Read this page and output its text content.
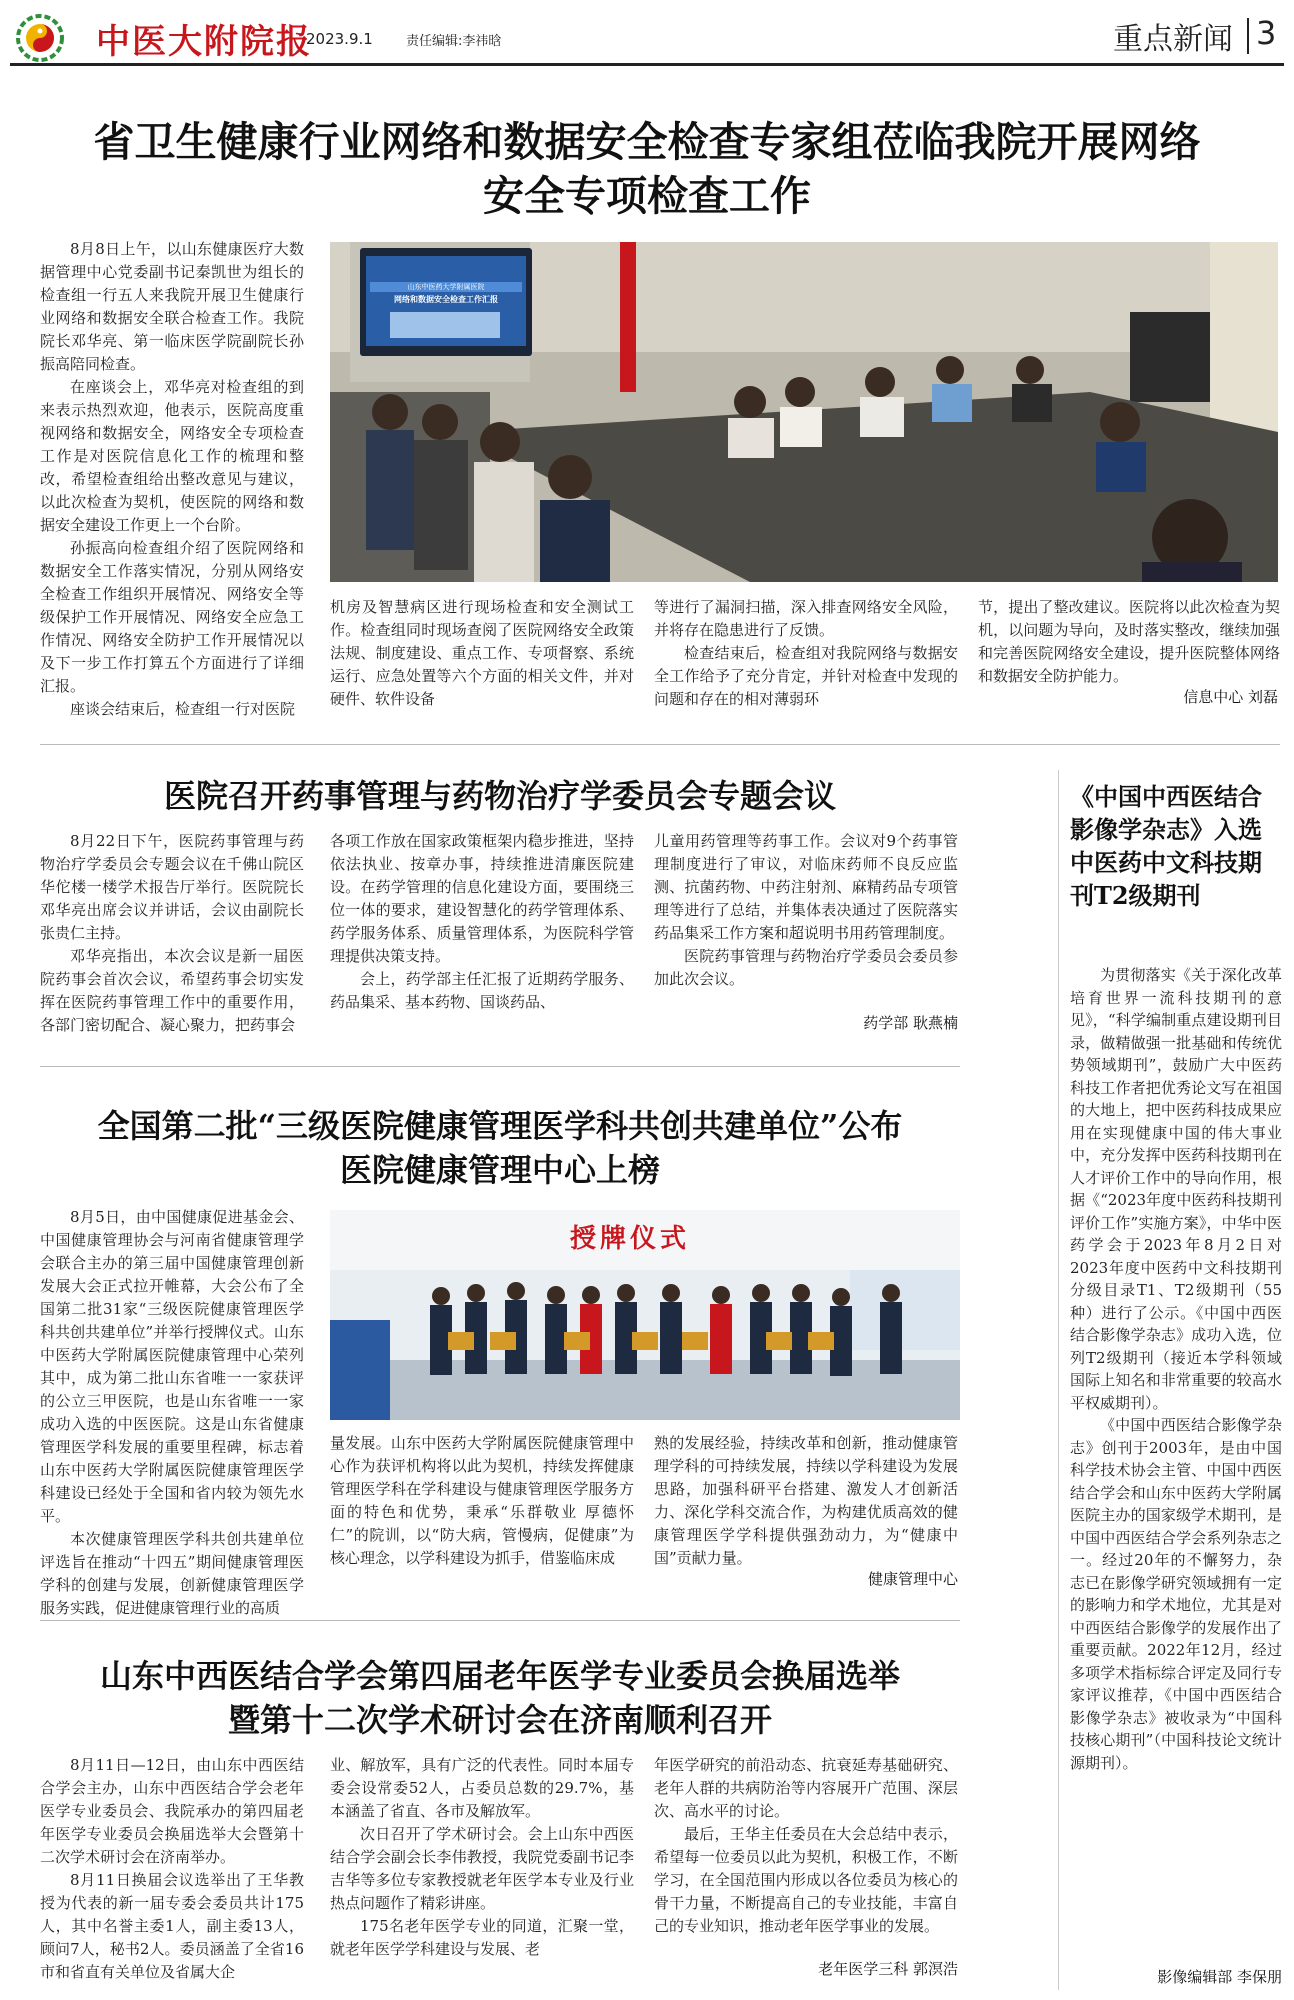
中医大附院报
2023.9.1	责任编辑:李祎晗	重点新闻 3
省卫生健康行业网络和数据安全检查专家组莅临我院开展网络
安全专项检查工作

8月8日上午，以山东健康医疗大数据管理中心党委副书记秦凯世为组长的检查组一行五人来我院开展卫生健康行业网络和数据安全联合检查工作。我院院长邓华亮、第一临床医学院副院长孙振高陪同检查。

在座谈会上，邓华亮对检查组的到来表示热烈欢迎，他表示，医院高度重视网络和数据安全，网络安全专项检查工作是对医院信息化工作的梳理和整改，希望检查组给出整改意见与建议，以此次检查为契机，使医院的网络和数据安全建设工作更上一个台阶。

孙振高向检查组介绍了医院网络和数据安全工作落实情况，分别从网络安全检查工作组织开展情况、网络安全等级保护工作开展情况、网络安全应急工作情况、网络安全防护工作开展情况以及下一步工作打算五个方面进行了详细汇报。

座谈会结束后，检查组一行对医院

山东中医药大学附属医院
网络和数据安全检查工作汇报

机房及智慧病区进行现场检查和安全测试工作。检查组同时现场查阅了医院网络安全政策法规、制度建设、重点工作、专项督察、系统运行、应急处置等六个方面的相关文件，并对硬件、软件设备

等进行了漏洞扫描，深入排查网络安全风险，并将存在隐患进行了反馈。

检查结束后，检查组对我院网络与数据安全工作给予了充分肯定，并针对检查中发现的问题和存在的相对薄弱环

节，提出了整改建议。医院将以此次检查为契机，以问题为导向，及时落实整改，继续加强和完善医院网络安全建设，提升医院整体网络和数据安全防护能力。

信息中心 刘磊
医院召开药事管理与药物治疗学委员会专题会议

8月22日下午，医院药事管理与药物治疗学委员会专题会议在千佛山院区华佗楼一楼学术报告厅举行。医院院长邓华亮出席会议并讲话，会议由副院长张贵仁主持。

邓华亮指出，本次会议是新一届医院药事会首次会议，希望药事会切实发挥在医院药事管理工作中的重要作用，各部门密切配合、凝心聚力，把药事会

各项工作放在国家政策框架内稳步推进，坚持依法执业、按章办事，持续推进清廉医院建设。在药学管理的信息化建设方面，要围绕三位一体的要求，建设智慧化的药学管理体系、药学服务体系、质量管理体系，为医院科学管理提供决策支持。

会上，药学部主任汇报了近期药学服务、药品集采、基本药物、国谈药品、

儿童用药管理等药事工作。会议对9个药事管理制度进行了审议，对临床药师不良反应监测、抗菌药物、中药注射剂、麻精药品专项管理等进行了总结，并集体表决通过了医院落实药品集采工作方案和超说明书用药管理制度。

医院药事管理与药物治疗学委员会委员参加此次会议。

药学部 耿燕楠
全国第二批“三级医院健康管理医学科共创共建单位”公布
医院健康管理中心上榜

8月5日，由中国健康促进基金会、中国健康管理协会与河南省健康管理学会联合主办的第三届中国健康管理创新发展大会正式拉开帷幕，大会公布了全国第二批31家“三级医院健康管理医学科共创共建单位”并举行授牌仪式。山东中医药大学附属医院健康管理中心荣列其中，成为第二批山东省唯一一家获评的公立三甲医院，也是山东省唯一一家成功入选的中医医院。这是山东省健康管理医学科发展的重要里程碑，标志着山东中医药大学附属医院健康管理医学科建设已经处于全国和省内较为领先水平。

本次健康管理医学科共创共建单位评选旨在推动“十四五”期间健康管理医学科的创建与发展，创新健康管理医学服务实践，促进健康管理行业的高质

授牌仪式

量发展。山东中医药大学附属医院健康管理中心作为获评机构将以此为契机，持续发挥健康管理医学科在学科建设与健康管理医学服务方面的特色和优势，秉承“乐群敬业 厚德怀仁”的院训，以“防大病，管慢病，促健康”为核心理念，以学科建设为抓手，借鉴临床成

熟的发展经验，持续改革和创新，推动健康管理学科的可持续发展，持续以学科建设为发展思路，加强科研平台搭建、激发人才创新活力、深化学科交流合作，为构建优质高效的健康管理医学学科提供强劲动力，为“健康中国”贡献力量。

健康管理中心
山东中西医结合学会第四届老年医学专业委员会换届选举
暨第十二次学术研讨会在济南顺利召开

8月11日—12日，由山东中西医结合学会主办，山东中西医结合学会老年医学专业委员会、我院承办的第四届老年医学专业委员会换届选举大会暨第十二次学术研讨会在济南举办。

8月11日换届会议选举出了王华教授为代表的新一届专委会委员共计175人，其中名誉主委1人，副主委13人，顾问7人，秘书2人。委员涵盖了全省16市和省直有关单位及省属大企

业、解放军，具有广泛的代表性。同时本届专委会设常委52人，占委员总数的29.7%，基本涵盖了省直、各市及解放军。

次日召开了学术研讨会。会上山东中西医结合学会副会长李伟教授，我院党委副书记李吉华等多位专家教授就老年医学本专业及行业热点问题作了精彩讲座。

175名老年医学专业的同道，汇聚一堂，就老年医学学科建设与发展、老

年医学研究的前沿动态、抗衰延寿基础研究、老年人群的共病防治等内容展开广范围、深层次、高水平的讨论。

最后，王华主任委员在大会总结中表示，希望每一位委员以此为契机，积极工作，不断学习，在全国范围内形成以各位委员为核心的骨干力量，不断提高自己的专业技能，丰富自己的专业知识，推动老年医学事业的发展。

老年医学三科 郭溟浩
《中国中西医结合影像学杂志》入选中医药中文科技期刊T2级期刊

为贯彻落实《关于深化改革培育世界一流科技期刊的意见》，“科学编制重点建设期刊目录，做精做强一批基础和传统优势领域期刊”，鼓励广大中医药科技工作者把优秀论文写在祖国的大地上，把中医药科技成果应用在实现健康中国的伟大事业中，充分发挥中医药科技期刊在人才评价工作中的导向作用，根据《“2023年度中医药科技期刊评价工作”实施方案》，中华中医药学会于2023年8月2日对2023年度中医药中文科技期刊分级目录T1、T2级期刊（55种）进行了公示。《中国中西医结合影像学杂志》成功入选，位列T2级期刊（接近本学科领域国际上知名和非常重要的较高水平权威期刊）。

《中国中西医结合影像学杂志》创刊于2003年，是由中国科学技术协会主管、中国中西医结合学会和山东中医药大学附属医院主办的国家级学术期刊，是中国中西医结合学会系列杂志之一。经过20年的不懈努力，杂志已在影像学研究领域拥有一定的影响力和学术地位，尤其是对中西医结合影像学的发展作出了重要贡献。2022年12月，经过多项学术指标综合评定及同行专家评议推荐，《中国中西医结合影像学杂志》被收录为“中国科技核心期刊”（中国科技论文统计源期刊）。

影像编辑部 李保朋
